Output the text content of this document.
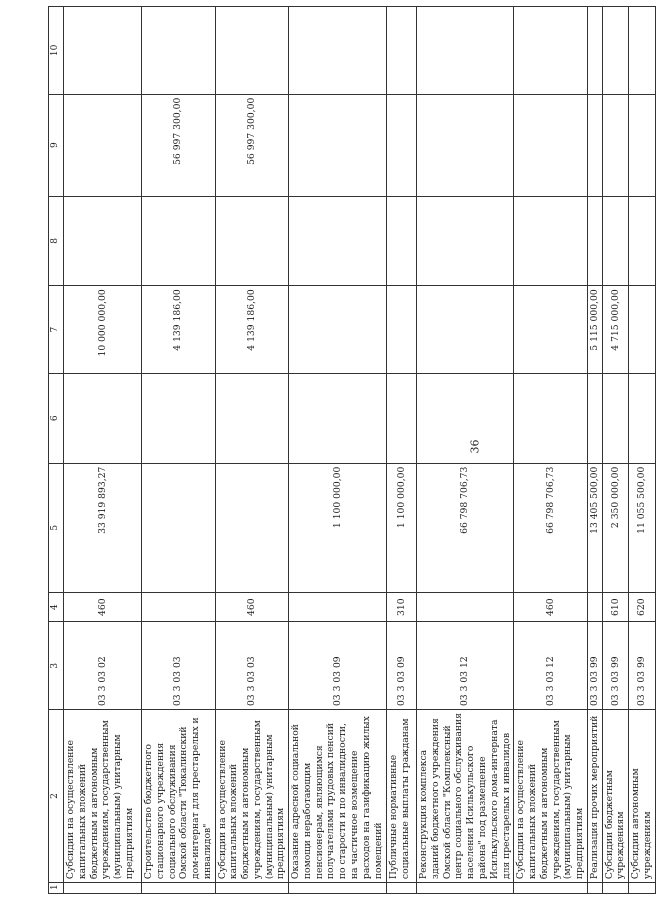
36
1	2	3	4	5	6	7	8	9	10
	Субсидии на осуществление капитальных вложений бюджетным и автономным учреждениям, государственным (муниципальным) унитарным предприятиям	03 3 03 02	460	33 919 893,27		10 000 000,00			
	Строительство бюджетного стационарного учреждения социального обслуживания Омской области "Тюкалинский дом-интернат для престарелых и инвалидов"	03 3 03 03				4 139 186,00		56 997 300,00	
	Субсидии на осуществление капитальных вложений бюджетным и автономным учреждениям, государственным (муниципальным) унитарным предприятиям	03 3 03 03	460			4 139 186,00		56 997 300,00	
	Оказание адресной социальной помощи неработающим пенсионерам, являющимся получателями трудовых пенсий по старости и по инвалидности, на частичное возмещение расходов на газификацию жилых помещений	03 3 03 09		1 100 000,00					
	Публичные нормативные социальные выплаты гражданам	03 3 03 09	310	1 100 000,00					
	Реконструкция комплекса зданий бюджетного учреждения Омской области "Комплексный центр социального обслуживания населения Исилькульского района" под размещение Исилькульского дома-интерната для престарелых и инвалидов	03 3 03 12		66 798 706,73					
	Субсидии на осуществление капитальных вложений бюджетным и автономным учреждениям, государственным (муниципальным) унитарным предприятиям	03 3 03 12	460	66 798 706,73					
	Реализация прочих мероприятий	03 3 03 99		13 405 500,00		5 115 000,00			
	Субсидии бюджетным учреждениям	03 3 03 99	610	2 350 000,00		4 715 000,00			
	Субсидии автономным учреждениям	03 3 03 99	620	11 055 500,00					
